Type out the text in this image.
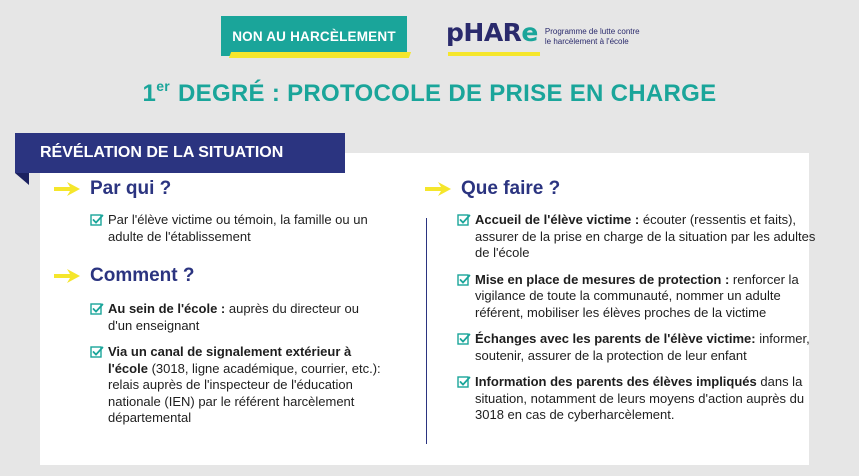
NON AU HARCÈLEMENT pHARe Programme de lutte contre
le harcèlement à l'école
1er DEGRÉ : PROTOCOLE DE PRISE EN CHARGE
RÉVÉLATION DE LA SITUATION
Par qui ?
Par l'élève victime ou témoin, la famille ou un adulte de l'établissement
Comment ?
Au sein de l'école : auprès du directeur ou d'un enseignant
Via un canal de signalement extérieur à l'école (3018, ligne académique, courrier, etc.): relais auprès de l'inspecteur de l'éducation nationale (IEN) par le référent harcèlement départemental
Que faire ?
Accueil de l'élève victime : écouter (ressentis et faits), assurer de la prise en charge de la situation par les adultes de l'école
Mise en place de mesures de protection : renforcer la vigilance de toute la communauté, nommer un adulte référent, mobiliser les élèves proches de la victime
Échanges avec les parents de l'élève victime: informer, soutenir, assurer de la protection de leur enfant
Information des parents des élèves impliqués dans la situation, notamment de leurs moyens d'action auprès du 3018 en cas de cyberharcèlement.
